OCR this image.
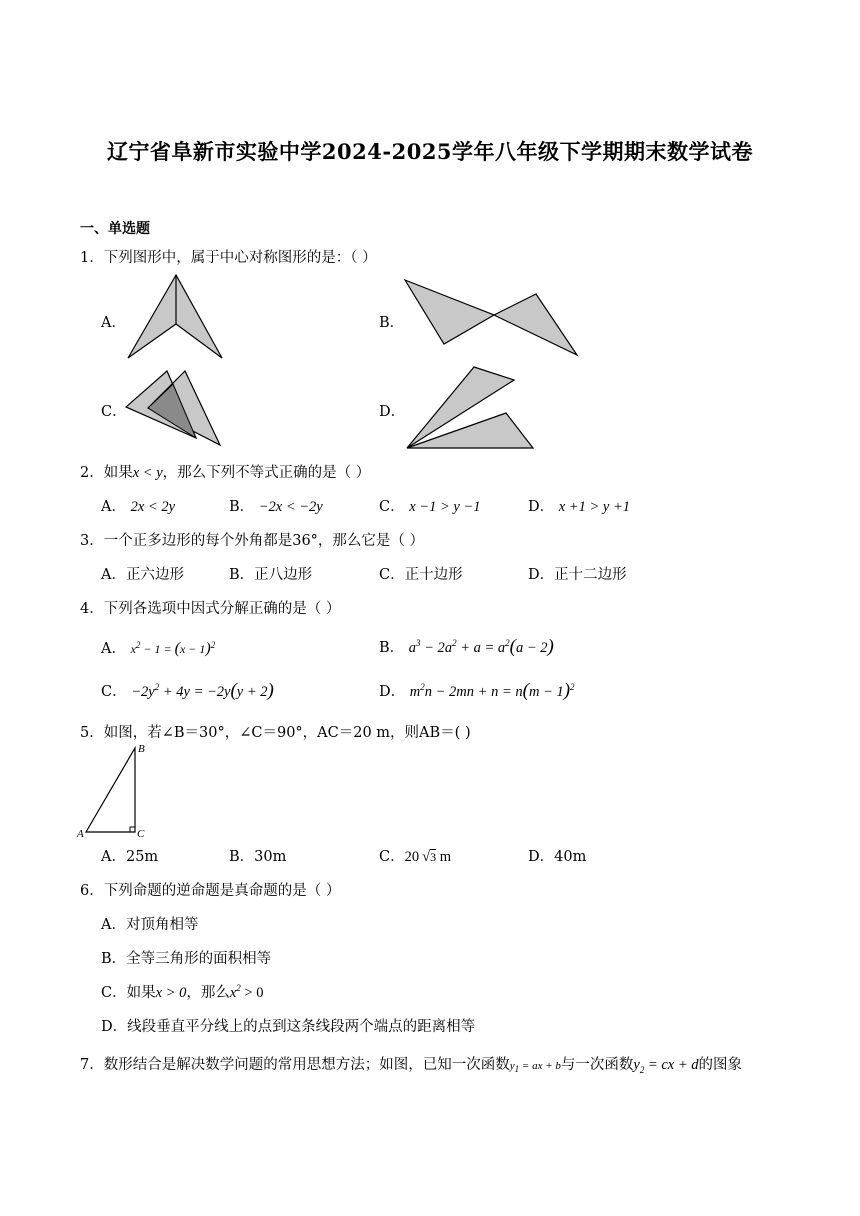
辽宁省阜新市实验中学2024-2025学年八年级下学期期末数学试卷
一、单选题
1．下列图形中，属于中心对称图形的是：（ ）
A．	B．
C．	D．
2．如果x < y，那么下列不等式正确的是（ ）
A． 2x < 2y	B． −2x < −2y	C． x −1 > y −1	D． x +1 > y +1
3．一个正多边形的每个外角都是36°，那么它是（ ）
A．正六边形	B．正八边形	C．正十边形	D．正十二边形
4．下列各选项中因式分解正确的是（ ）
A． $x^2 - 1 = (x - 1)^2$	B． $a^3 - 2a^2 + a = a^2(a - 2)$
C． $-2y^2 + 4y = -2y(y + 2)$	D． $m^2n - 2mn + n = n(m - 1)^2$
5．如图，若∠B＝30°，∠C＝90°，AC＝20 m，则AB＝( )
B
A	C
A．25m	B．30m	C．20 √3 m	D．40m
6．下列命题的逆命题是真命题的是（ ）
A．对顶角相等
B．全等三角形的面积相等
C．如果x > 0，那么$x^2 > 0$
D．线段垂直平分线上的点到这条线段两个端点的距离相等
7．数形结合是解决数学问题的常用思想方法；如图，已知一次函数$y_1$ = ax + b与一次函数$y_2$ = cx + d的图象
